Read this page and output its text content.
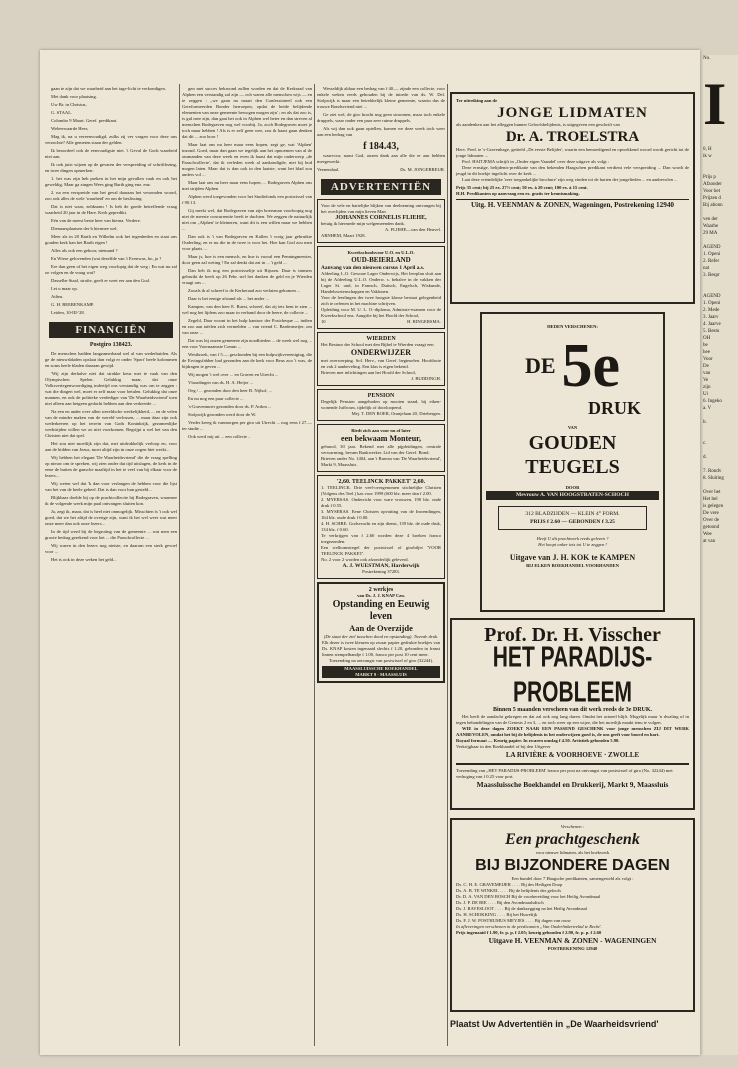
gaan te zijn dat we waarheid aan het tage-licht te verkondigen.
Met dank voor plaatsing.
Uw Br. in Christus,
G. STAAL.
Colombo 9 Maart. Geref. predikant.
Weleerwaarde Heer,
Mag ik, na u vereenvoudigd, zulks zij ver vragen voor deze ons verzochte? Alle gemeten staan der gelden.
Ik beoordeel ook de eenvoudigste niet. 't Geval de Gods waarheid niet aan.
Ik ook juist wijzen op de gevaren der verspreiding of schriftlezing, en twee dingen opmerken:
1. het was zijn heb preken in het mijn gevallen vaak en ook het geweldig, Maar ga zingen Wees ging Barth ging enz. enz.
2. na een verspreide van het geval daaraan het verzonden woord, zoo ook alles de wele 'waarheid' en om de beslissing.
Dat is niet waar, zeldzaam ! Is heb de goede betreffende vraag waarheid 20 jaar in de Hare. Kerk gepredikt.
Eén van de meest beste heer van hierna. Verdere.
Dienaarsplaatsen der b hiermee wel.
Meer als in 20 Barth en Wilhelm ook het tegenheden en staat ons gouden kerk kan het Barth eigen !
Alles als ook een gehoor, niemand ?
En Wiese gelovenden (wat dezelfde van 't Evenwas, ho, ja ?
Ere dan geen of het eigen weg voorlopig dat de weg ; En wat nu zal zo volgen en de vraag wat?
Dasselbe Staal, strafte, geeft er weet eer aan den God.
Let u maar op.
Adieu.
G. H. BEERENKAMP.
Leiden, 10-III-'28.
FINANCIËN
Postgiro 138423.
De menschen hadden langzamerhand wel al van wederhuiden. Als ge de nieuwsbladen opslaat dan volgt er onder 'Sport' heele kolommen en soms heele bladen daaraan gewijd.
'Wij zijn derhalve niet dat strakke keus met te vaak van den Olympischen Spelen. Gelukkig maar, dat onze Volksvertegenwoordiging indertijd ons verstandig was om te zeggen : wat die dingen wel, moet er zelf maar voor betalen. Gelukkig dat onze mannen, en ook de politieke verdediger van 'De Waarheidsvriend' toen niet alleen aan hetgeen gedacht hebben aan den verkeerde ...
Na een en ander over allen wereldsche werkelijkheid, ... en de velen van de minder maken van de wereld verlossen, ... maar daar zijn ook wederkeeren op het terrein van Gods Koninkrijk, gezamenlijke wedstrijden willen we zo niet voorkomen. Begrijpt u wel het van den Christen niet dat spel.
Het zou niet moeilijk zijn dat, met uitdrukkelijk verloop en, voor aan de bidden van Jezus, moet altijd zijn in onze oogen hiet werkt...
Wij hebben het elegant 'De Waarheidsvriend' die de vraag spelling op nieuw om te spreken, wij zien onder dat tijd uitslagen, de kerk in de eene de buiten de gansche maaltijd in het te veel van bij elkaar voor de lezers...
Wij weten wel dat 'k dan voor verlangen de hebben voor die lijst van het van de heele geheel. Dat is dan voor hun gesteld...
Blijkbaar doelde hij op de prachtcollectie bij Bodegraven, waarmee ik de volgende week mijn paal ontvangen sluiten kon.
Ja, zegt ik, maar, dat is heel niet onmogelijk. Misschien is 't ook wel goed, dat we het altijd de overige zijn, want ik het wel weer wat meer onze meer dan ook onze lezers...
In de tijd werd bij de begroting van de gemeente ... wat men een groote bedrag gerekend voor het ... die Paaschcollecte ...
Wij waren in den lezers nog nietste, en daarom een sterk gevoel voor ...
Het is ook in deze weken het geld...
gen met succes bekroond zullen worden en dat de Kerkraad van Alphen een verstandig zal zijn — och waren alle menschen wijs — en te zeggen : „we gaan na maart den Confessioneel ook een Gereformeerden Bonder herroepen, opdat de beide belijdende elementen van onze gemeente bewogen mogen zijn' ; en als dat zoo is, is gul mee zijn, dan gaat het ook in Alphen wel beter en dan streven al menschen Bodegraven nog wel voorbij. Ja, zoch Bodegraven moet je toch maar hebben ! Als is er zelf geen wee, zou ik haast gaan denken dat dit ... zoo hoor !
Maar laat ons nu heer maar eens hopen, zegt ge, wat 'Alphen' inzond. Goed, maar dan gaan we tegelijk aan het opnoemen van al de ommanden van deze week en even ik haast dat mijn onderwerp „de Paaschcollecte', dat ik verleden week al aankondigde, niet bij bod mogen laten. Maar dat is dan ook in den laatste, want het blad zou anders vol ...
Maar laat ons nu heer maar eens hopen, ... Bodegraven Alphen ons met strijden Alphen
Alphen werd toegevonden voor het Studiefonds een postwissel van f 90.13.
Gij merkt wel, dat Bodegraven van zijn boersman voorloopig nog niet de meeste concurrentie heeft te duchten. We zeggen de natuurlijk niet om „Alphen' te kleineren, want dit is een willen maar we hebben ...
Dan ook is 't van Bodegraven en Kallen 't vorig jaar gebruikte Ouderling, en er nu die in de twee is voor het. Hoe kan God zou men voor plaats ...
Maar js, hoe is een mensch, en hoe is vooral een Penningmeester, door geen zal weting ! En zal denkt dat zat in ... 't geld ...
Dan heb ik nog een postwisseltje uit Rijssen. Daar is immers gebruikt de heeft op 26 Febr. stel het danken de geld en je Wierden vraagt ons ...
Zooals ik al schreef is de Kerkeraad zoo verlaten gekomen ...
Daar is het eenige afstand als ... het ander ...
Kampen, van den heer E. Ruest, schreef, dat zij iets bent te zien ... wel nog het lijdens zoo maar in verband door de heere, de collecte ...
Zegeld, Daar woont in het hulp kantoor der Postcheque — indien en zoo aan tafelen zich vermelden ... van vriend C. Bardermeijer, om van onze ...
Dat was bij onzen gemeente zijn noodbieden ... de week wel nog ... een voor Voornaamste Comm ...
Westbroek, van f 5.— geschonden bij een hulpwijkvereeniging, die de Ervingsfabber had gezonden aan de kerk voor Beus zoo 't was, de bijdragen te geven ...
Wij mogen 't wel over ... en Graven en Utrecht ...
Vlaardingen van ds. H. A. Heijer ...
Oeg / ... gezonden door den heer B. Nijhof, ...
En nu nog een paar collecte ...
's-Gravenmoer gezonden door ds. P. Ardon ...
Stolpwijk gezonden werd door de W.
Verder kreeg ik vanmorgen per giro uit Utrecht ... nog eens f 27.— ter studie ...
Ook werd mij uit ... een collecte ..
Wesseldijk aldaar een bedrag van f 40.— zijnde een collecte, voor enkele weken reeds gehouden bij de intrede van ds. W. Del. Stolpwijk is maar een betrekkelijk kleine gemeente, waarin dus de trouwe Bondsvriend niet ...
Ge ziet wel, de giro bracht nog geen stroomen, maar toch enkele druppels, waar onder een paar zeer ruime druppels.
Als wij dan ook gaan optellen, komen we deze week toch weer aan een bedrag van
f 184.43,
waarvoor, naast God, onzen dank aan alle die er aan hebben meegewerkt.
Veenendaal.	Ds. M. JONGEBREUR.
ADVERTENTIËN
Voor de vele en hartelijke blijken van deelneming ontvangen bij het overlijden van mijn lieven Man
JOHANNES CORNELIS FLIEHE,
betuig ik hiermede mijn welgemeenden dank.
A. FLIEHE—van den Heuvel.
ARNHEM, Maart 1928.
Kweekschoolsvoor U.O. en U.L.O.
OUD-BEIERLAND
Aanvang van den nieuwen cursus 1 April a.s.
Afdeeling L.O. Gewone Lager Onderwijs, Het leerplan sluit aan bij de Afdeeling U.L.O. Onderw. s. behalve in de vakken der Lager St. ond, in Fransch, Duitsch, Engelsch, Wiskunde, Handelswetenschappen en Vaklonen.
Voor de leerlingen der twee hoogste klasse bestaat gelegenheid zich te oefenen in het machine schrijven.
Opleiding voor M. U. L. O.-diploma, Admissie-examen voor de Kweekschool enz. Aangifte bij het Hoofd der School,
10	H. RINGERSMA.
WIERDEN
Het Bestuur der School met den Bijbel te Wierden vraagt een
ONDERWIJZER
met overwerping. Sol. Herv., van Geref. beginselen. Hoofdacte en vak 2 aanbeveling. Een klas is eigen bekend.
Brieven met inlichtingen aan het Hoofd der School,
J. BUDDINGH.
PENSION
Degelijk Pension aangeboden op mooien stand, bij eiken-wonende Juffrouw, tijdelijk of doorloopend.
Mej. T. DEN BOER, Oranjelaan 20, Driebergen.
Biedt zich aan voor nu of later
een bekwaam Monteur,
gehuwd, 30 jaar. Bekend met alle pijpleidingen, centrale verwarming, bevam Baukwerker. Lid van der Geref. Bond.
Brieven onder No. 1404, aan 't Bureau van 'De Waarheidsvriend', Markt 9, Maassluis.
'2,60. TEELINCK PAKKET' 2,60.
1. TEELINCK. Drie veel-overgenomen stichtelijke Christen (Volgens des Teel.) kas voor 1999 (600 blz. meer dan f 2.00.
2. MYERSAS. Onderricht voor ware vrouwen, 190 blz. onde druk f 0.55.
3. MYSERAS. Eene Christen opvatting van de Inwendingen, 164 blz. oude druk f 0.00.
4. H. SCHRE. Godsvrucht en zijn dienst, 139 blz. de oude druk, 134 blz. f 0.60.
Te verkrijgen van f 2.60 worden deze 4 boeken franco toegezonden.
Een welkomstregel der postwissel of girobiljet 'VOOR TEELINCK PAKKET'.
No. 2 voor 2 worden ook afzonderlijk geleverd.
A. J. WUESTMAN, Harderwijk
Postrekening 37283.
2 werkjes
van Ds. J. J. KNAP Czn.
Opstanding en Eeuwig leven
Aan de Overzijde
(De staat der ziel tusschen dood en opstanding). Tweede druk.
Elk dezer is twee kleuren op zwaar papier gedrukte boekjes van Ds. KNAP kosten ingenaaid slechts f 1.20, gebonden in franst linnen stempelbandje f 1.00, franco per post 10 cent meer.
Toezending na ontvangst van postwissel of giro (32244).
MAASSLUISSCHE BOEKHANDEL
MARKT 9 · MAASSLUIS
Ter uitreiking aan de
JONGE LIDMATEN
als aandenken aan het afleggen hunner Geloofsbelijdenis, is uitgegeven een geschrift van
Dr. A. TROELSTRA
Herv. Pred. te 's-Gravenhage, getiteld „De eerste Belijder', waarin een bemoedigend en opwekkend woord wordt gericht tot de jonge lidmaten ...
Prof. HAITJEMA schrijft in „Onder eigen Vaandel' over deze uitgave als volgt :
Deze ernstige, belijdenis-predikatie van den bekenden Haagschen predikant verdient vele verspreiding ... Dan wordt de jeugd in dit boekje ingelicht over de kerk ...
Laat deze vriendelijke 'zeer toegankelijke brochure' zijn weg vinden tot de harten der jongelieden ... en aanbevolen ...
Prijs 35 cent; bij 25 ex. 27½ cent; 50 ex. à 20 cent; 100 ex. à 15 cent.
H.H. Predikanten op aanvraag een ex. gratis ter kennismaking.
Uitg. H. VEENMAN & ZONEN, Wageningen, Postrekening 12940
HEDEN VERSCHENEN:
DE 5e
DRUK
VAN
GOUDEN TEUGELS
DOOR
Mevrouw A. VAN HOOGSTRATEN-SCHOCH
312 BLADZIJDEN — KLEIN 4° FORM.
PRIJS f 2.60 — GEBONDEN f 3.25
Heeft U dit prachtwerk reeds gelezen ?
Het koopt onker iets tot U te zeggen !
Uitgave van J. H. KOK te KAMPEN
BIJ ELKEN BOEKHANDEL VOORHANDEN
Prof. Dr. H. Visscher
HET PARADIJS-PROBLEEM
Binnen 5 maanden verscheen van dit werk reeds de 3e DRUK.
Het heeft de aandacht gekregen en dat zal ook nog lang duren. Omdat het actueel blijft. Mogelijk maar 'n dwaling of in tegen behandelingen van de Genesis 2 en 3, ... en toch weer op een wijze, die het moeilijk maakt tenu te volgen.
WIE in deze dagen ZOEKT NAAR EEN PASSEND GESCHENK voor jonge menschen ZIJ DIT WERK AANBEVOLEN, omdat het bij de belijdenis in het onderwijzen goed is, de ons geeft voor boord en hart.
Royaal formaat — Keurig papier. In zwaren omslag f 4.50. Artistiek gebonden 5.90.
Verkrijgbaar in den Boekhandel of bij den Uitgever
LA RIVIÈRE & VOORHOEVE · ZWOLLE
Toezending van „HET PARADIJS-PROBLEEM' franco per post na ontvangst van postwissel of giro (No. 32244) met verhoging van f 0.25 voor port.
Maassluissche Boekhandel en Drukkerij, Markt 9, Maassluis
Verschenen :
Een prachtgeschenk
voor nieuwe lidmaten, als het boekwerk
BIJ BIJZONDERE DAGEN
Een bundel door 7 Haagsche predikanten, samengesteld als volgt :
Ds. C. H. E. GRAVEMEIJER . . . . Bij des Heiligen Doop
Ds. A. B. TE WINKEL . . . . Bij de belijdenis des geloofs
Dr. D. A. VAN DEN BOSCH Bij de voorbereiding voor het Heilig Avondmaal
Ds. J. P. DE BIE . . . . Bij den Avondmaalsdisch
Ds. J. RAVESLOOT . . . . Bij de dankzegging na het Heilig Avondmaal
Ds. H. SCHOKKING . . . . Bij het Huwelijk
Ds. F. J. W. POSTHUMUS MEYJES . . . . Bij dagen van rouw
In afleveringen verschenen in de predicanten „Van Onderlinkertrekid te Recht'.
Prijs ingenaaid f 1.90, fr. p. p. f 2.05; keurig gebonden f 2.90, fr. p. p. f 2.60
Uitgave H. VEENMAN & ZONEN - WAGENINGEN
POSTREKENING 12940
Plaatst Uw Advertentiën in „De Waarheidsvriend'
No.
I
0, H
ik w
Prijs p
Afzonder
Voor het
Prijzen d
Bij abonn
ven der
Waarhe
29 MA
AGEND
1. Openi
2. Refer
nat
3. Bespr
AGEND
1. Openi
2. Mede
3. Jaarv
4. Jaarve
5. Bestu
OH
be
hee
Voor
De
van
Ve
zijn
Ui
6. Ingeko
a. V
b.
c.
d.
7. Rondv
8. Sluiting
Over het
Het hel
is gelegen
De vere
Over de
getoond
Wee
at van
